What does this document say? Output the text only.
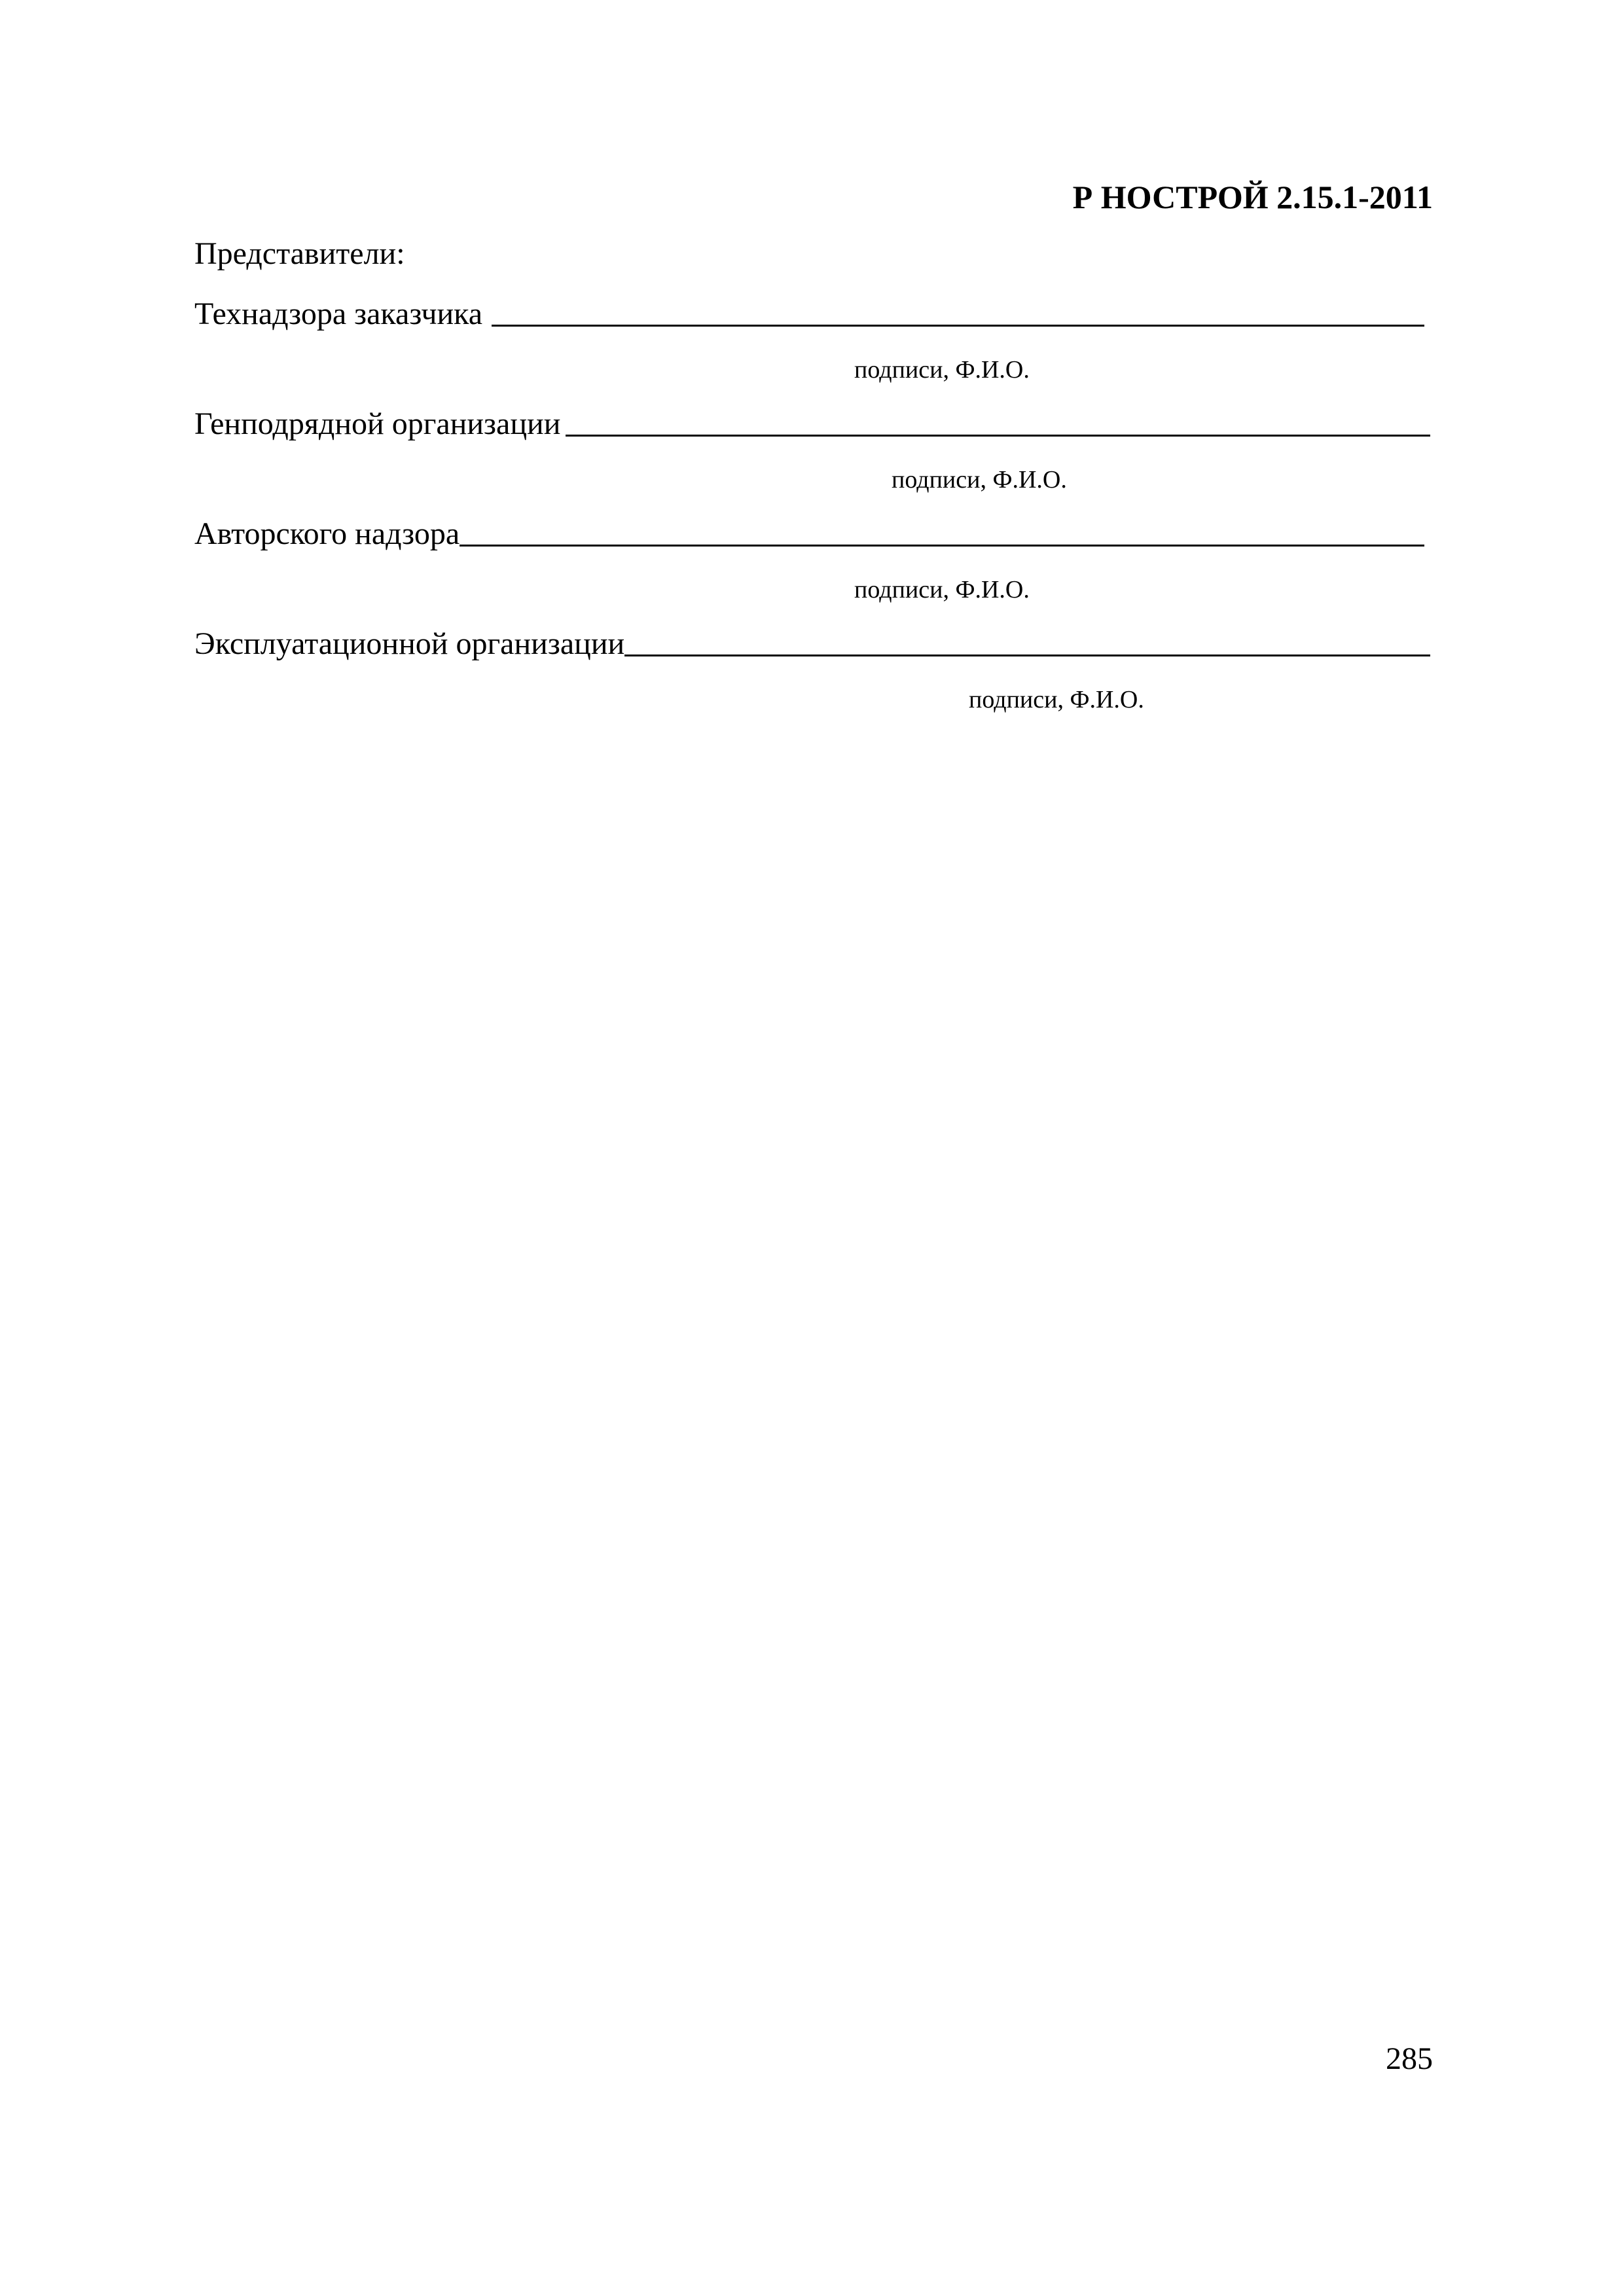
Р НОСТРОЙ 2.15.1-2011
Представители:
Технадзора заказчика
подписи, Ф.И.О.
Генподрядной организации
подписи, Ф.И.О.
Авторского надзора
подписи, Ф.И.О.
Эксплуатационной организации
подписи, Ф.И.О.
285
